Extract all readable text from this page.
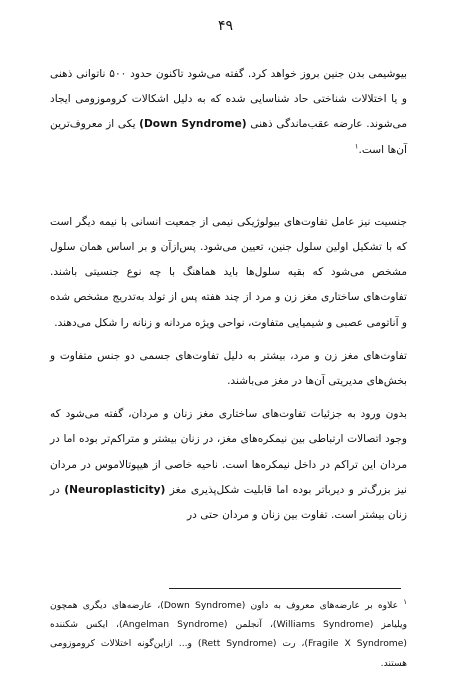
۴۹

بیوشیمی بدن جنین بروز خواهد کرد. گفته می‌شود تاکنون حدود ۵۰۰ ناتوانی ذهنی و یا اختلالات شناختی حاد شناسایی شده که به دلیل اشکالات کروموزومی ایجاد می‌شوند. عارضه عقب‌ماندگی ذهنی (Down Syndrome) یکی از معروف‌ترین آن‌ها است.$^۱$

جنسیت نیز عامل تفاوت‌های بیولوژیکی نیمی از جمعیت انسانی با نیمه دیگر است که با تشکیل اولین سلول جنین، تعیین می‌شود. پس‌ازآن و بر اساس همان سلول مشخص می‌شود که بقیه سلول‌ها باید هماهنگ با چه نوع جنسیتی باشند. تفاوت‌های ساختاری مغز زن و مرد از چند هفته پس از تولد به‌تدریج مشخص شده و آناتومی عصبی و شیمیایی متفاوت، نواحی ویژه مردانه و زنانه را شکل می‌دهند.

تفاوت‌های مغز زن و مرد، بیشتر به دلیل تفاوت‌های جسمی دو جنس متفاوت و بخش‌های مدیریتی آن‌ها در مغز می‌باشند.

بدون ورود به جزئیات تفاوت‌های ساختاری مغز زنان و مردان، گفته می‌شود که وجود اتصالات ارتباطی بین نیمکره‌های مغز، در زنان بیشتر و متراکم‌تر بوده اما در مردان این تراکم در داخل نیمکره‌ها است. ناحیه خاصی از هیپوتالاموس در مردان نیز بزرگ‌تر و دیرباتر بوده اما قابلیت شکل‌پذیری مغز (Neuroplasticity) در زنان بیشتر است. تفاوت بین زنان و مردان حتی در

$^۱$ علاوه بر عارضه‌های معروف به داون (Down Syndrome)، عارضه‌های دیگری همچون ویلیامز (Williams Syndrome)، آنجلمن (Angelman Syndrome)، ایکس شکننده (Fragile X Syndrome)، رت (Rett Syndrome) و... ازاین‌گونه اختلالات کروموزومی هستند.
